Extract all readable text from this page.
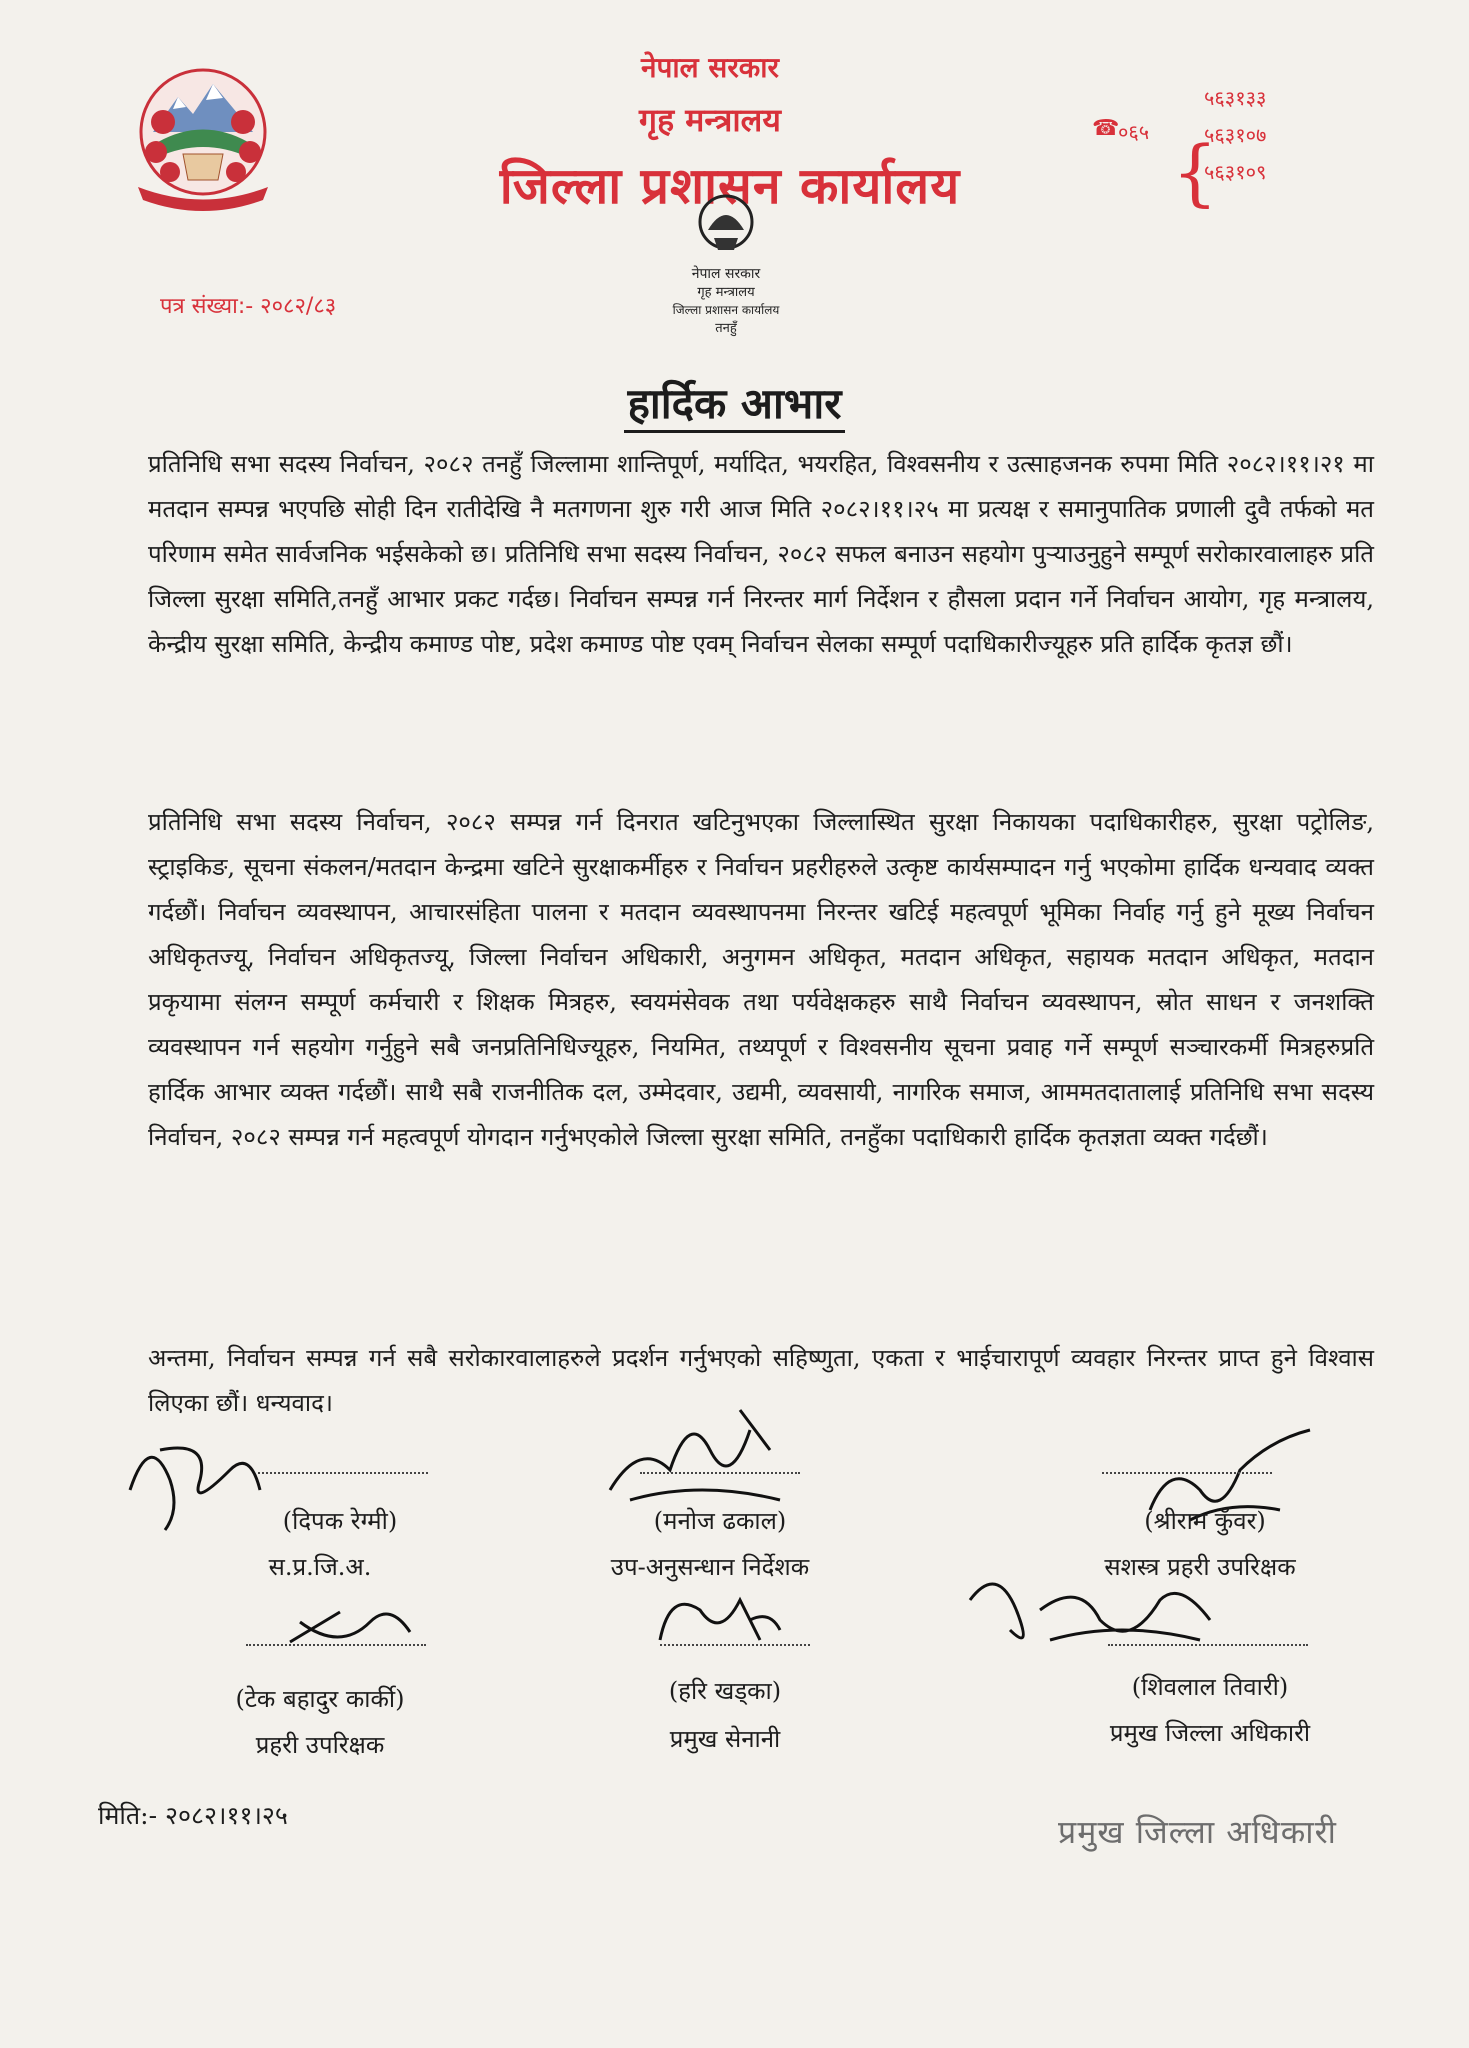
नेपाल सरकार
गृह मन्त्रालय
जिल्ला प्रशासन कार्यालय
☎
०६५ {
५६३१३३
५६३१०७
५६३१०९
नेपाल सरकार
गृह मन्त्रालय
जिल्ला प्रशासन कार्यालय
तनहुँ
पत्र संख्या:- २०८२/८३
हार्दिक आभार
प्रतिनिधि सभा सदस्य निर्वाचन, २०८२ तनहुँ जिल्लामा शान्तिपूर्ण, मर्यादित, भयरहित, विश्वसनीय र उत्साहजनक रुपमा मिति २०८२।११।२१ मा मतदान सम्पन्न भएपछि सोही दिन रातीदेखि नै मतगणना शुरु गरी आज मिति २०८२।११।२५ मा प्रत्यक्ष र समानुपातिक प्रणाली दुवै तर्फको मत परिणाम समेत सार्वजनिक भईसकेको छ। प्रतिनिधि सभा सदस्य निर्वाचन, २०८२ सफल बनाउन सहयोग पुऱ्याउनुहुने सम्पूर्ण सरोकारवालाहरु प्रति जिल्ला सुरक्षा समिति,तनहुँ आभार प्रकट गर्दछ। निर्वाचन सम्पन्न गर्न निरन्तर मार्ग निर्देशन र हौसला प्रदान गर्ने निर्वाचन आयोग, गृह मन्त्रालय, केन्द्रीय सुरक्षा समिति, केन्द्रीय कमाण्ड पोष्ट, प्रदेश कमाण्ड पोष्ट एवम् निर्वाचन सेलका सम्पूर्ण पदाधिकारीज्यूहरु प्रति हार्दिक कृतज्ञ छौं।
प्रतिनिधि सभा सदस्य निर्वाचन, २०८२ सम्पन्न गर्न दिनरात खटिनुभएका जिल्लास्थित सुरक्षा निकायका पदाधिकारीहरु, सुरक्षा पट्रोलिङ, स्ट्राइकिङ, सूचना संकलन/मतदान केन्द्रमा खटिने सुरक्षाकर्मीहरु र निर्वाचन प्रहरीहरुले उत्कृष्ट कार्यसम्पादन गर्नु भएकोमा हार्दिक धन्यवाद व्यक्त गर्दछौं। निर्वाचन व्यवस्थापन, आचारसंहिता पालना र मतदान व्यवस्थापनमा निरन्तर खटिई महत्वपूर्ण भूमिका निर्वाह गर्नु हुने मूख्य निर्वाचन अधिकृतज्यू, निर्वाचन अधिकृतज्यू, जिल्ला निर्वाचन अधिकारी, अनुगमन अधिकृत, मतदान अधिकृत, सहायक मतदान अधिकृत, मतदान प्रकृयामा संलग्न सम्पूर्ण कर्मचारी र शिक्षक मित्रहरु, स्वयमंसेवक तथा पर्यवेक्षकहरु साथै निर्वाचन व्यवस्थापन, स्रोत साधन र जनशक्ति व्यवस्थापन गर्न सहयोग गर्नुहुने सबै जनप्रतिनिधिज्यूहरु, नियमित, तथ्यपूर्ण र विश्वसनीय सूचना प्रवाह गर्ने सम्पूर्ण सञ्चारकर्मी मित्रहरुप्रति हार्दिक आभार व्यक्त गर्दछौं। साथै सबै राजनीतिक दल, उम्मेदवार, उद्यमी, व्यवसायी, नागरिक समाज, आममतदातालाई प्रतिनिधि सभा सदस्य निर्वाचन, २०८२ सम्पन्न गर्न महत्वपूर्ण योगदान गर्नुभएकोले जिल्ला सुरक्षा समिति, तनहुँका पदाधिकारी हार्दिक कृतज्ञता व्यक्त गर्दछौं।
अन्तमा, निर्वाचन सम्पन्न गर्न सबै सरोकारवालाहरुले प्रदर्शन गर्नुभएको सहिष्णुता, एकता र भाईचारापूर्ण व्यवहार निरन्तर प्राप्त हुने विश्वास लिएका छौं। धन्यवाद।
(दिपक रेग्मी)
स.प्र.जि.अ.
(मनोज ढकाल)
उप-अनुसन्धान निर्देशक
(श्रीराम कुँवर)
सशस्त्र प्रहरी उपरिक्षक
(टेक बहादुर कार्की)
प्रहरी उपरिक्षक
(हरि खड्का)
प्रमुख सेनानी
(शिवलाल तिवारी)
प्रमुख जिल्ला अधिकारी
मिति:- २०८२।११।२५	प्रमुख जिल्ला अधिकारी
